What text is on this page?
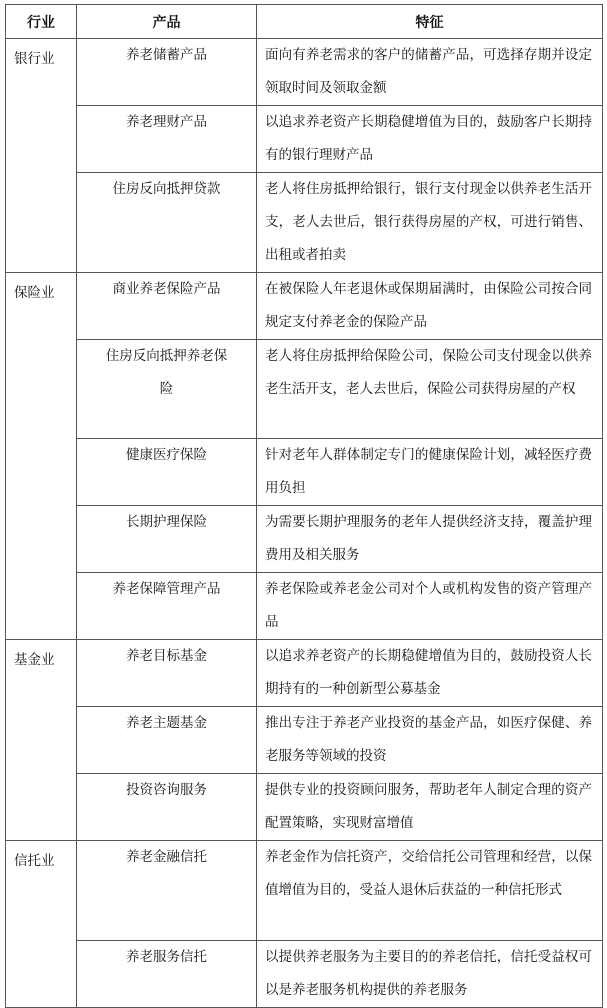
行业	产品	特征
银行业	养老储蓄产品	面向有养老需求的客户的储蓄产品，可选择存期并设定领取时间及领取金额

	养老理财产品	以追求养老资产长期稳健增值为目的，鼓励客户长期持有的银行理财产品

	住房反向抵押贷款	老人将住房抵押给银行，银行支付现金以供养老生活开支，老人去世后，银行获得房屋的产权，可进行销售、出租或者拍卖

保险业	商业养老保险产品	在被保险人年老退休或保期届满时，由保险公司按合同规定支付养老金的保险产品

	住房反向抵押养老保险	老人将住房抵押给保险公司，保险公司支付现金以供养老生活开支，老人去世后，保险公司获得房屋的产权

	健康医疗保险	针对老年人群体制定专门的健康保险计划，减轻医疗费用负担

	长期护理保险	为需要长期护理服务的老年人提供经济支持，覆盖护理费用及相关服务

	养老保障管理产品	养老保险或养老金公司对个人或机构发售的资产管理产品

基金业	养老目标基金	以追求养老资产的长期稳健增值为目的，鼓励投资人长期持有的一种创新型公募基金

	养老主题基金	推出专注于养老产业投资的基金产品，如医疗保健、养老服务等领域的投资

	投资咨询服务	提供专业的投资顾问服务，帮助老年人制定合理的资产配置策略，实现财富增值

信托业	养老金融信托	养老金作为信托资产，交给信托公司管理和经营，以保值增值为目的，受益人退休后获益的一种信托形式

	养老服务信托	以提供养老服务为主要目的的养老信托，信托受益权可以是养老服务机构提供的养老服务
